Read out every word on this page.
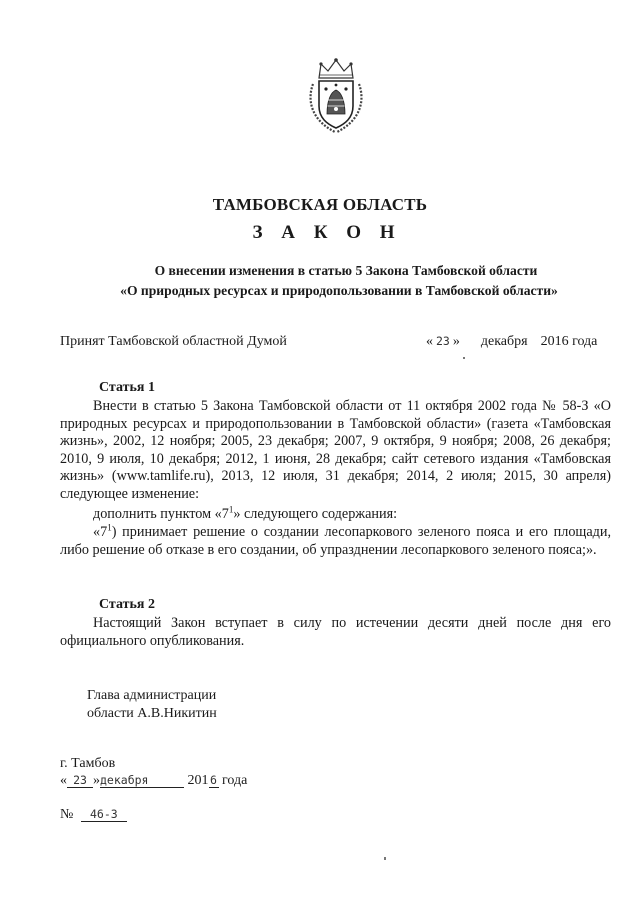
ТАМБОВСКАЯ ОБЛАСТЬ
З А К О Н
О внесении изменения в статью 5 Закона Тамбовской области
«О природных ресурсах и природопользовании в Тамбовской области»
Принят Тамбовской областной Думой	« 23 » декабря 2016 года
Статья 1
Внести в статью 5 Закона Тамбовской области от 11 октября 2002 года № 58-З «О природных ресурсах и природопользовании в Тамбовской области» (газета «Тамбовская жизнь», 2002, 12 ноября; 2005, 23 декабря; 2007, 9 октября, 9 ноября; 2008, 26 декабря; 2010, 9 июля, 10 декабря; 2012, 1 июня, 28 декабря; сайт сетевого издания «Тамбовская жизнь» (www.tamlife.ru), 2013, 12 июля, 31 декабря; 2014, 2 июля; 2015, 30 апреля) следующее изменение:
дополнить пунктом «$7^1$» следующего содержания:
«$7^1$) принимает решение о создании лесопаркового зеленого пояса и его площади, либо решение об отказе в его создании, об упразднении лесопаркового зеленого пояса;».
Статья 2
Настоящий Закон вступает в силу по истечении десяти дней после дня его официального опубликования.
Глава администрации
области А.В.Никитин
г. Тамбов
« 23 »декабря	201 6 года
№ 46-З
